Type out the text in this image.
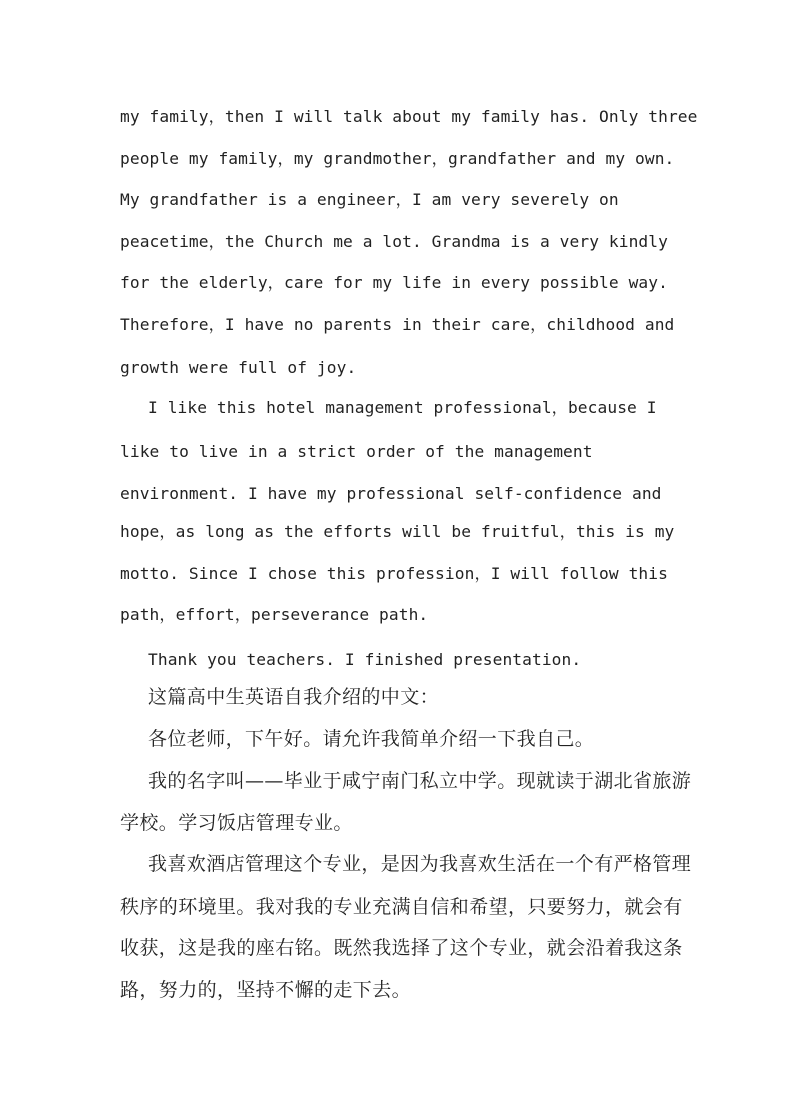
my family，then I will talk about my family has. Only three
people my family，my grandmother，grandfather and my own.
My grandfather is a engineer，I am very severely on
peacetime，the Church me a lot. Grandma is a very kindly
for the elderly，care for my life in every possible way.
Therefore，I have no parents in their care，childhood and
growth were full of joy.
I like this hotel management professional，because I
like to live in a strict order of the management
environment. I have my professional self-confidence and
hope，as long as the efforts will be fruitful，this is my
motto. Since I chose this profession，I will follow this
path，effort，perseverance path.
Thank you teachers. I finished presentation.
这篇高中生英语自我介绍的中文：
各位老师，下午好。请允许我简单介绍一下我自己。
我的名字叫——毕业于咸宁南门私立中学。现就读于湖北省旅游
学校。学习饭店管理专业。
我喜欢酒店管理这个专业，是因为我喜欢生活在一个有严格管理
秩序的环境里。我对我的专业充满自信和希望，只要努力，就会有
收获，这是我的座右铭。既然我选择了这个专业，就会沿着我这条
路，努力的，坚持不懈的走下去。
